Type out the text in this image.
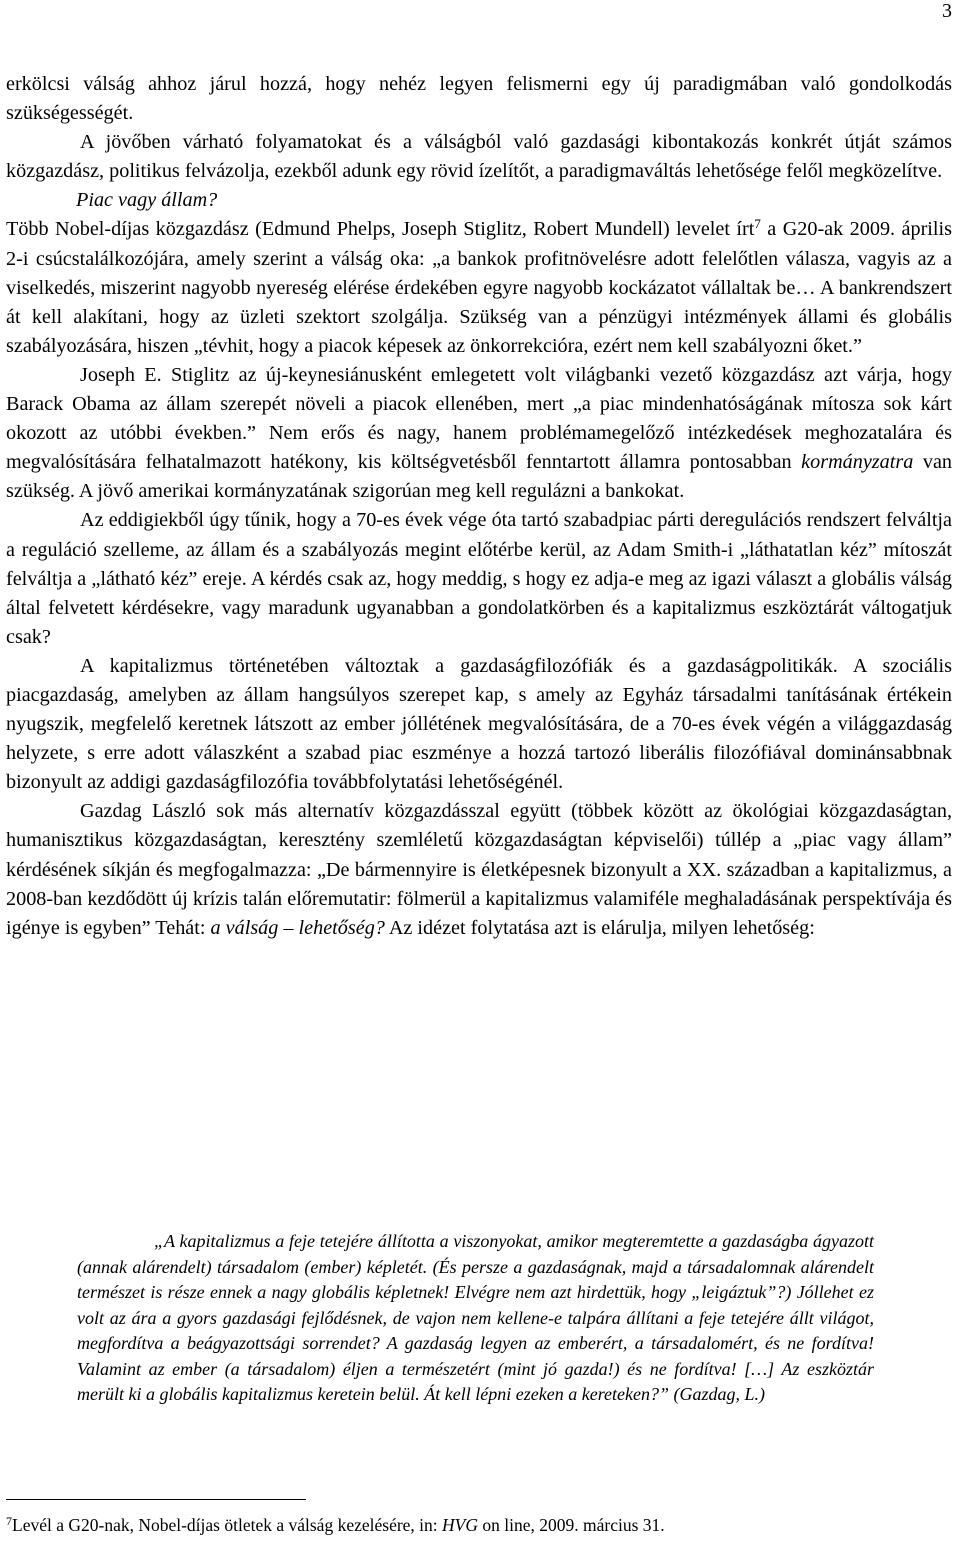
3

erkölcsi válság ahhoz járul hozzá, hogy nehéz legyen felismerni egy új paradigmában való gondolkodás szükségességét.

A jövőben várható folyamatokat és a válságból való gazdasági kibontakozás konkrét útját számos közgazdász, politikus felvázolja, ezekből adunk egy rövid ízelítőt, a paradigmaváltás lehetősége felől megközelítve.

Piac vagy állam?

Több Nobel-díjas közgazdász (Edmund Phelps, Joseph Stiglitz, Robert Mundell) levelet írt$^7$ a G20-ak 2009. április 2-i csúcstalálkozójára, amely szerint a válság oka: „a bankok profitnövelésre adott felelőtlen válasza, vagyis az a viselkedés, miszerint nagyobb nyereség elérése érdekében egyre nagyobb kockázatot vállaltak be… A bankrendszert át kell alakítani, hogy az üzleti szektort szolgálja. Szükség van a pénzügyi intézmények állami és globális szabályozására, hiszen „tévhit, hogy a piacok képesek az önkorrekcióra, ezért nem kell szabályozni őket.”

Joseph E. Stiglitz az új-keynesiánusként emlegetett volt világbanki vezető közgazdász azt várja, hogy Barack Obama az állam szerepét növeli a piacok ellenében, mert „a piac mindenhatóságának mítosza sok kárt okozott az utóbbi években.” Nem erős és nagy, hanem problémamegelőző intézkedések meghozatalára és megvalósítására felhatalmazott hatékony, kis költségvetésből fenntartott államra pontosabban kormányzatra van szükség. A jövő amerikai kormányzatának szigorúan meg kell regulázni a bankokat.

Az eddigiekből úgy tűnik, hogy a 70-es évek vége óta tartó szabadpiac párti deregulációs rendszert felváltja a reguláció szelleme, az állam és a szabályozás megint előtérbe kerül, az Adam Smith-i „láthatatlan kéz” mítoszát felváltja a „látható kéz” ereje. A kérdés csak az, hogy meddig, s hogy ez adja-e meg az igazi választ a globális válság által felvetett kérdésekre, vagy maradunk ugyanabban a gondolatkörben és a kapitalizmus eszköztárát váltogatjuk csak?

A kapitalizmus történetében változtak a gazdaságfilozófiák és a gazdaságpolitikák. A szociális piacgazdaság, amelyben az állam hangsúlyos szerepet kap, s amely az Egyház társadalmi tanításának értékein nyugszik, megfelelő keretnek látszott az ember jóllétének megvalósítására, de a 70-es évek végén a világgazdaság helyzete, s erre adott válaszként a szabad piac eszménye a hozzá tartozó liberális filozófiával dominánsabbnak bizonyult az addigi gazdaságfilozófia továbbfolytatási lehetőségénél.

Gazdag László sok más alternatív közgazdásszal együtt (többek között az ökológiai közgazdaságtan, humanisztikus közgazdaságtan, keresztény szemléletű közgazdaságtan képviselői) túllép a „piac vagy állam” kérdésének síkján és megfogalmazza: „De bármennyire is életképesnek bizonyult a XX. században a kapitalizmus, a 2008-ban kezdődött új krízis talán előremutatir: fölmerül a kapitalizmus valamiféle meghaladásának perspektívája és igénye is egyben” Tehát: a válság – lehetőség? Az idézet folytatása azt is elárulja, milyen lehetőség:

„A kapitalizmus a feje tetejére állította a viszonyokat, amikor megteremtette a gazdaságba ágyazott (annak alárendelt) társadalom (ember) képletét. (És persze a gazdaságnak, majd a társadalomnak alárendelt természet is része ennek a nagy globális képletnek! Elvégre nem azt hirdettük, hogy „leigáztuk”?) Jóllehet ez volt az ára a gyors gazdasági fejlődésnek, de vajon nem kellene-e talpára állítani a feje tetejére állt világot, megfordítva a beágyazottsági sorrendet? A gazdaság legyen az emberért, a társadalomért, és ne fordítva! Valamint az ember (a társadalom) éljen a természetért (mint jó gazda!) és ne fordítva! […] Az eszköztár merült ki a globális kapitalizmus keretein belül. Át kell lépni ezeken a kereteken?” (Gazdag, L.)

$^7$Levél a G20-nak, Nobel-díjas ötletek a válság kezelésére, in: HVG on line, 2009. március 31.
